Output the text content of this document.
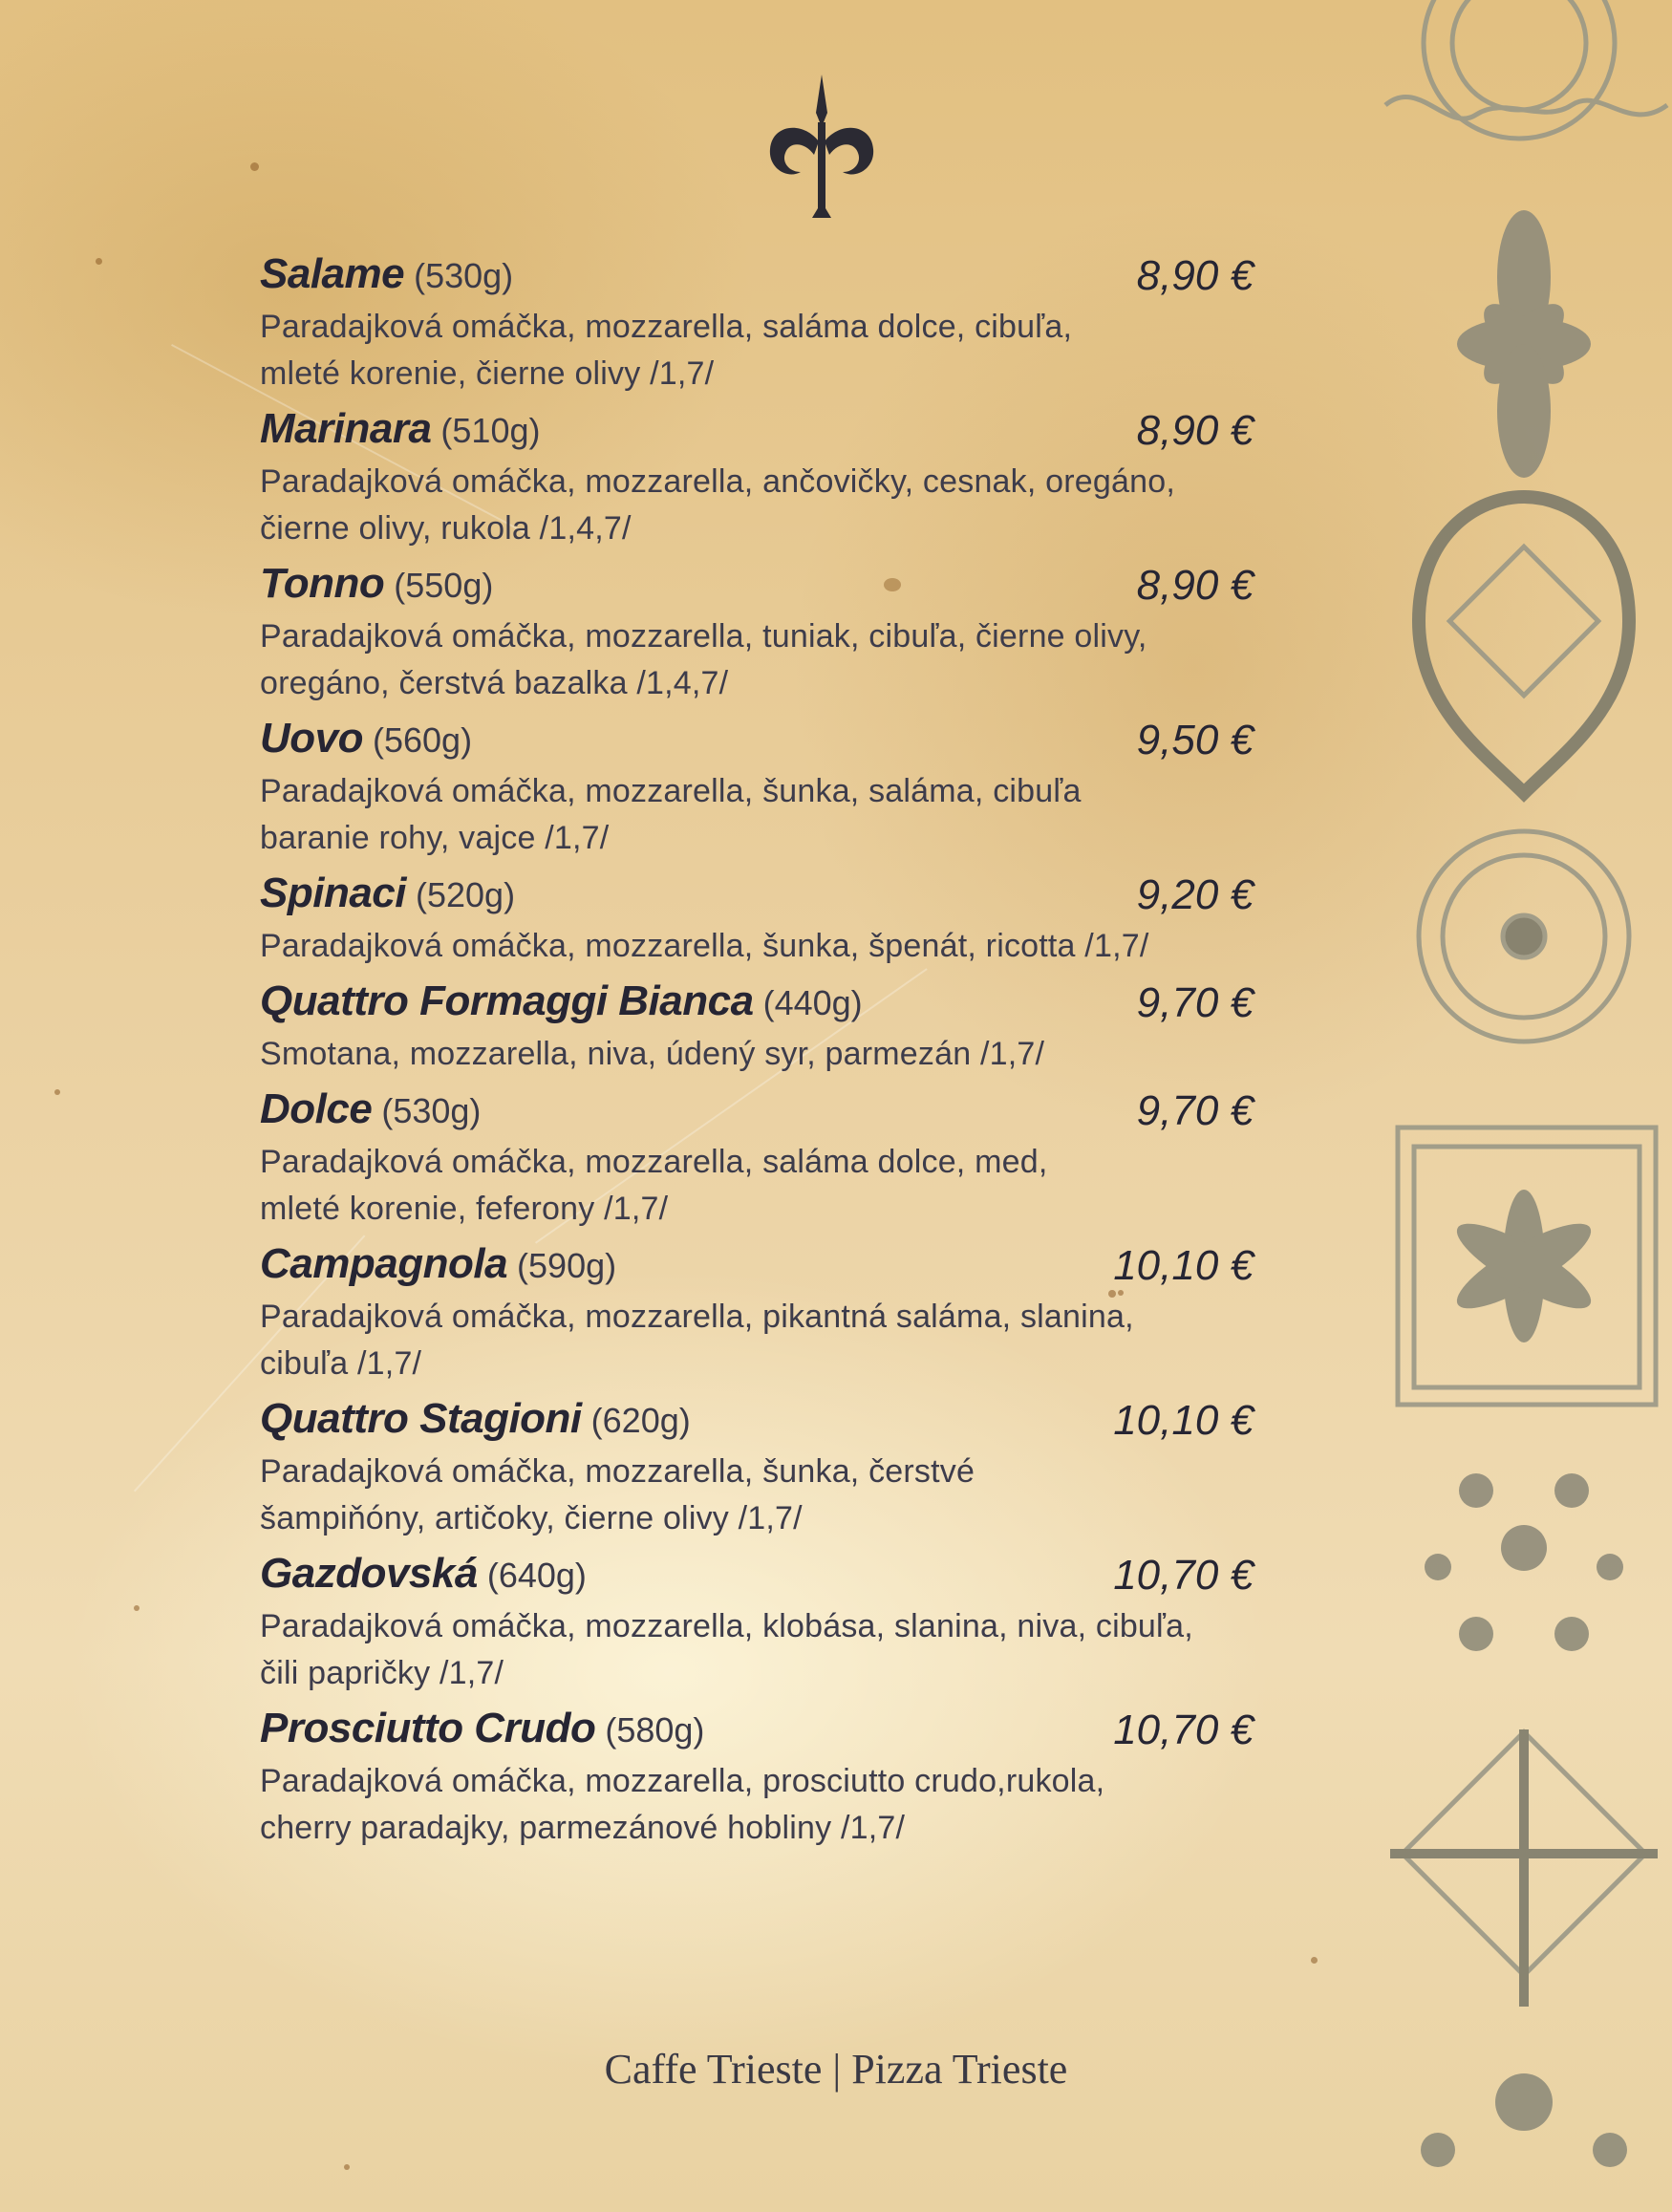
Salame (530g)	8,90 €
Paradajková omáčka, mozzarella, saláma dolce, cibuľa,
mleté korenie, čierne olivy /1,7/
Marinara (510g)	8,90 €
Paradajková omáčka, mozzarella, ančovičky, cesnak, oregáno,
čierne olivy, rukola /1,4,7/
Tonno (550g)	8,90 €
Paradajková omáčka, mozzarella, tuniak, cibuľa, čierne olivy,
oregáno, čerstvá bazalka /1,4,7/
Uovo (560g)	9,50 €
Paradajková omáčka, mozzarella, šunka, saláma, cibuľa
baranie rohy, vajce /1,7/
Spinaci (520g)	9,20 €
Paradajková omáčka, mozzarella, šunka, špenát, ricotta /1,7/
Quattro Formaggi Bianca (440g)	9,70 €
Smotana, mozzarella, niva, údený syr, parmezán /1,7/
Dolce (530g)	9,70 €
Paradajková omáčka, mozzarella, saláma dolce, med,
mleté korenie, feferony /1,7/
Campagnola (590g)	10,10 €
Paradajková omáčka, mozzarella, pikantná saláma, slanina,
cibuľa /1,7/
Quattro Stagioni (620g)	10,10 €
Paradajková omáčka, mozzarella, šunka, čerstvé
šampiňóny, artičoky, čierne olivy /1,7/
Gazdovská (640g)	10,70 €
Paradajková omáčka, mozzarella, klobása, slanina, niva, cibuľa,
čili papričky /1,7/
Prosciutto Crudo (580g)	10,70 €
Paradajková omáčka, mozzarella, prosciutto crudo,rukola,
cherry paradajky, parmezánové hobliny /1,7/
Caffe Trieste | Pizza Trieste
